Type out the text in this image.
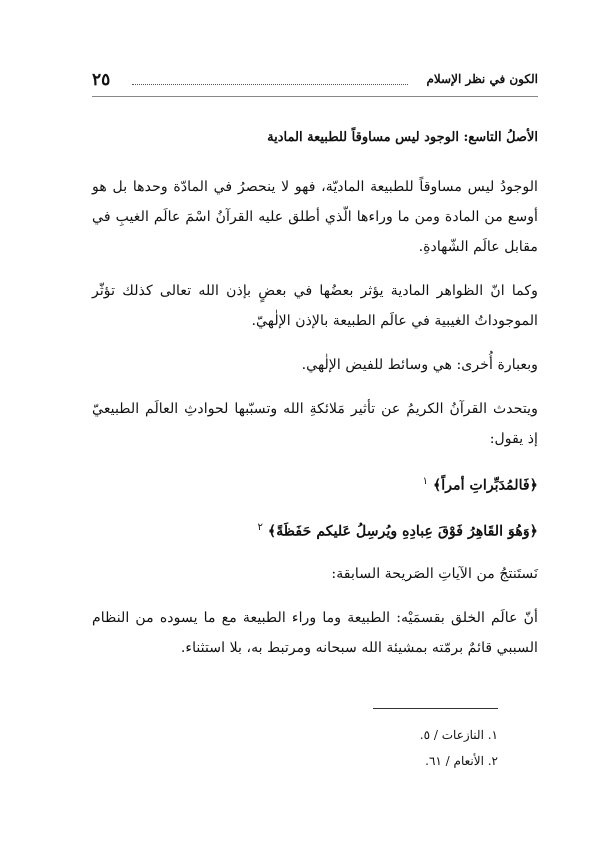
الكون في نظر الإسلام
٢٥
الأصلُ التاسع: الوجود ليس مساوقاً للطبيعة المادية

الوجودُ ليس مساوقاً للطبيعة الماديّة، فهو لا ينحصرُ في المادّة وحدها بل هو أوسع من المادة ومن ما وراءها الّذي أطلق عليه القرآنُ اسْمَ عالَم الغيبِ في مقابل عالَم الشّهادةِ.

وكما انّ الظواهر المادية يؤثر بعضُها في بعضٍ بإذن الله تعالى كذلك تؤثّر الموجوداتُ الغيبية في عالَم الطبيعة بالإذن الإلٰهيّ.

وبعبارة أُخرى: هي وسائط للفيض الإلٰهي.

ويتحدث القرآنُ الكريمُ عن تأثير مَلائكةِ الله وتسبّبها لحوادثِ العالَم الطبيعيّ إذ يقول:

﴿فَالمُدَبِّراتِ أمراً﴾ $^١$

﴿وَهُوَ القَاهِرُ فَوْقَ عِبادِهِ ويُرسِلُ عَليكم حَفَظَةً﴾ $^٢$

نَستَنتجُ من الآياتِ الصَريحة السابقة:

أنّ عالَم الخلق بقسمَيْه: الطبيعة وما وراء الطبيعة مع ما يسوده من النظام السببي قائمٌ برمّته بمشيئة الله سبحانه ومرتبط به، بلا استثناء.

١. النازعات / ٥.

٢. الأنعام / ٦١.
